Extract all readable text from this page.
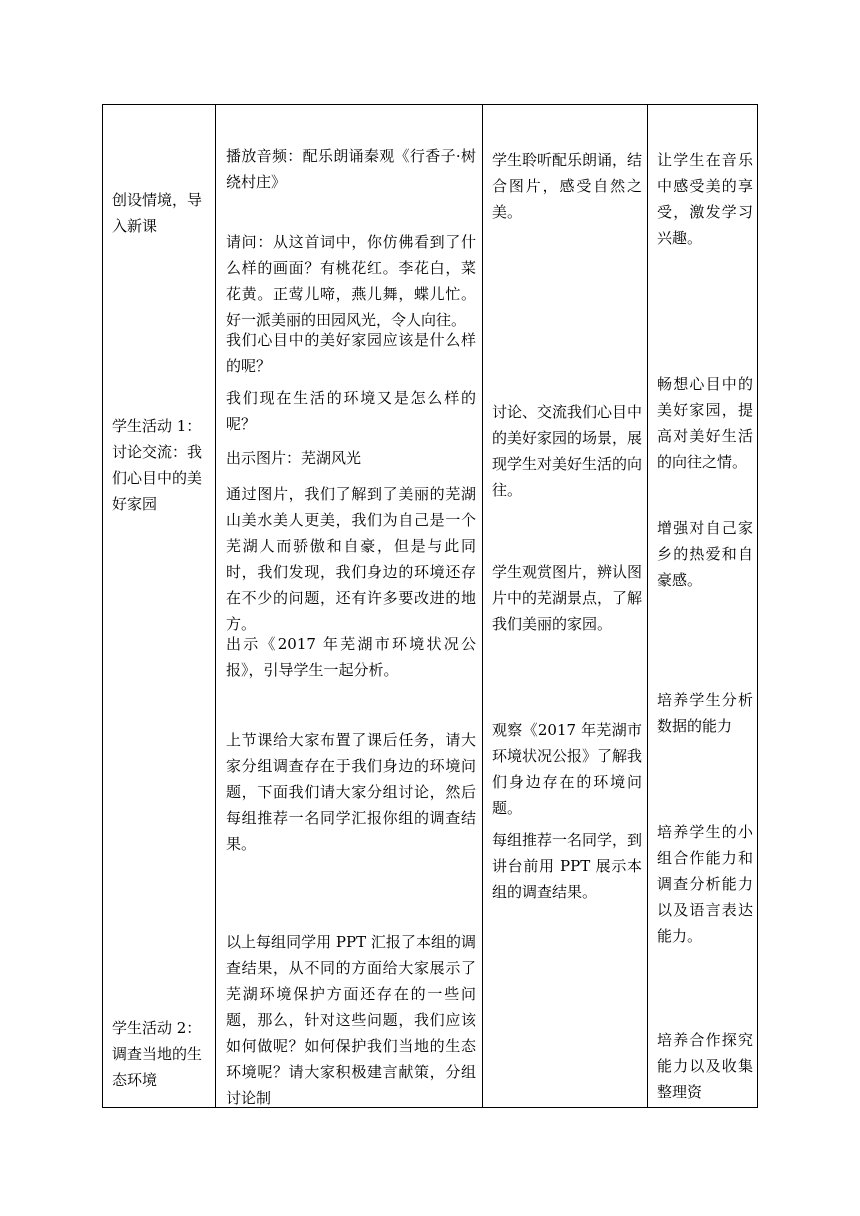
创设情境，导入新课
学生活动 1：讨论交流：我们心目中的美好家园
学生活动 2：调查当地的生态环境
播放音频：配乐朗诵秦观《行香子·树绕村庄》
请问：从这首词中，你仿佛看到了什么样的画面？有桃花红。李花白，菜花黄。正莺儿啼，燕儿舞，蝶儿忙。好一派美丽的田园风光，令人向往。
我们心目中的美好家园应该是什么样的呢？
我们现在生活的环境又是怎么样的呢？
出示图片：芜湖风光
通过图片，我们了解到了美丽的芜湖山美水美人更美，我们为自己是一个芜湖人而骄傲和自豪，但是与此同时，我们发现，我们身边的环境还存在不少的问题，还有许多要改进的地方。
出示《2017 年芜湖市环境状况公报》，引导学生一起分析。
上节课给大家布置了课后任务，请大家分组调查存在于我们身边的环境问题，下面我们请大家分组讨论，然后每组推荐一名同学汇报你组的调查结果。
以上每组同学用 PPT 汇报了本组的调查结果，从不同的方面给大家展示了芜湖环境保护方面还存在的一些问题，那么，针对这些问题，我们应该如何做呢？如何保护我们当地的生态环境呢？请大家积极建言献策，分组讨论制
学生聆听配乐朗诵，结合图片，感受自然之美。
讨论、交流我们心目中的美好家园的场景，展现学生对美好生活的向往。
学生观赏图片，辨认图片中的芜湖景点，了解我们美丽的家园。
观察《2017 年芜湖市环境状况公报》了解我们身边存在的环境问题。
每组推荐一名同学，到讲台前用 PPT 展示本组的调查结果。
让学生在音乐中感受美的享受，激发学习兴趣。
畅想心目中的美好家园，提高对美好生活的向往之情。
增强对自己家乡的热爱和自豪感。
培养学生分析数据的能力
培养学生的小组合作能力和调查分析能力以及语言表达能力。
培养合作探究能力以及收集整理资
